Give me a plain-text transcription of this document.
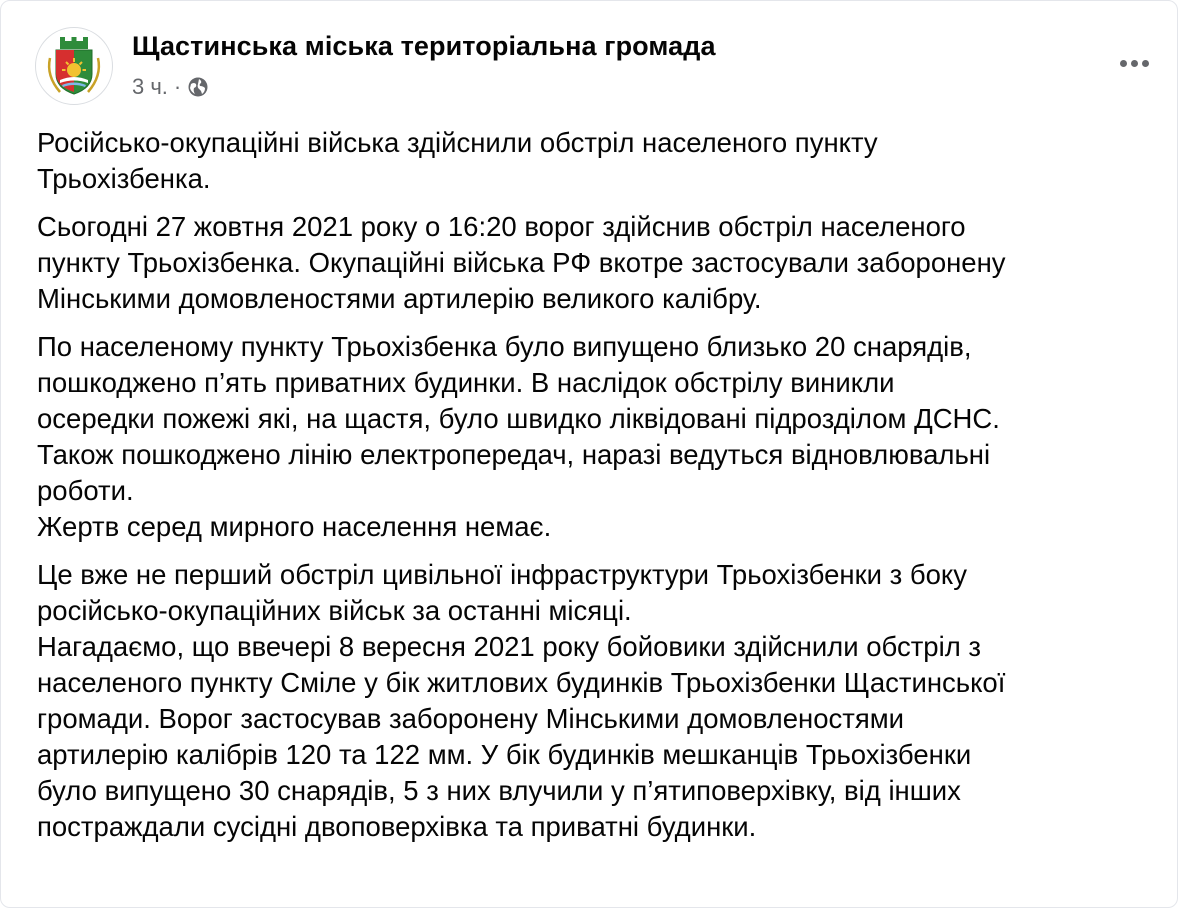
Щастинська міська територіальна громада
3 ч. ·

Російсько-окупаційні війська здійснили обстріл населеного пункту
Трьохізбенка.

Сьогодні 27 жовтня 2021 року о 16:20 ворог здійснив обстріл населеного
пункту Трьохізбенка. Окупаційні війська РФ вкотре застосували заборонену
Мінськими домовленостями артилерію великого калібру.

По населеному пункту Трьохізбенка було випущено близько 20 снарядів,
пошкоджено п’ять приватних будинки. В наслідок обстрілу виникли
осередки пожежі які, на щастя, було швидко ліквідовані підрозділом ДСНС.
Також пошкоджено лінію електропередач, наразі ведуться відновлювальні
роботи.
Жертв серед мирного населення немає.

Це вже не перший обстріл цивільної інфраструктури Трьохізбенки з боку
російсько-окупаційних військ за останні місяці.
Нагадаємо, що ввечері 8 вересня 2021 року бойовики здійснили обстріл з
населеного пункту Сміле у бік житлових будинків Трьохізбенки Щастинської
громади. Ворог застосував заборонену Мінськими домовленостями
артилерію калібрів 120 та 122 мм. У бік будинків мешканців Трьохізбенки
було випущено 30 снарядів, 5 з них влучили у п’ятиповерхівку, від інших
постраждали сусідні двоповерхівка та приватні будинки.
